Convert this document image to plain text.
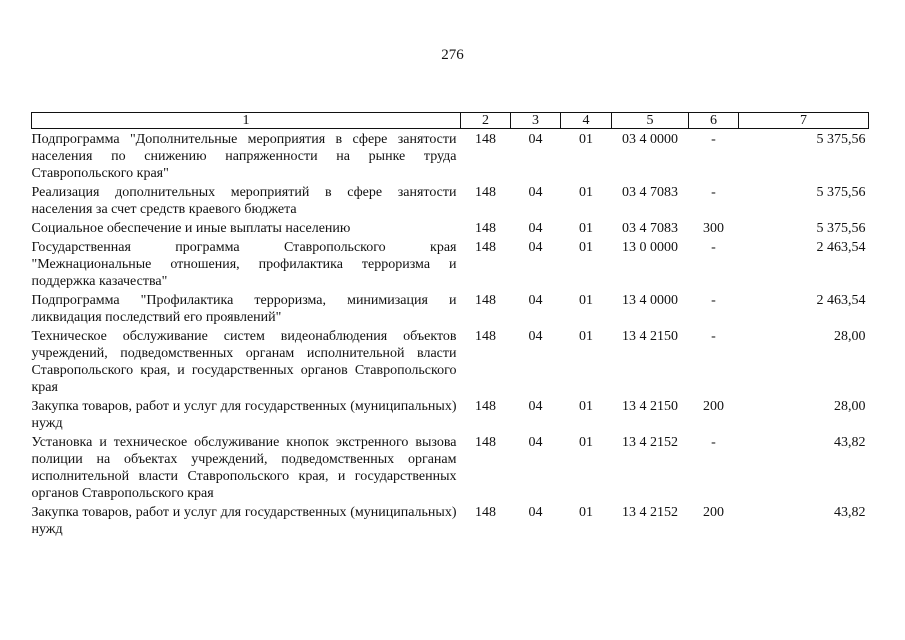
276
1	2	3	4	5	6	7
Подпрограмма "Дополнительные мероприятия в сфере занятости населения по снижению напряженности на рынке труда Ставропольского края"	148	04	01	03 4 0000	-	5 375,56
Реализация дополнительных мероприятий в сфере занятости населения за счет средств краевого бюджета	148	04	01	03 4 7083	-	5 375,56
Социальное обеспечение и иные выплаты населению	148	04	01	03 4 7083	300	5 375,56
Государственная программа Ставропольского края "Межнациональные отношения, профилактика терроризма и поддержка казачества"	148	04	01	13 0 0000	-	2 463,54
Подпрограмма "Профилактика терроризма, минимизация и ликвидация последствий его проявлений"	148	04	01	13 4 0000	-	2 463,54
Техническое обслуживание систем видеонаблюдения объектов учреждений, подведомственных органам исполнительной власти Ставропольского края, и государственных органов Ставропольского края	148	04	01	13 4 2150	-	28,00
Закупка товаров, работ и услуг для государственных (муниципальных) нужд	148	04	01	13 4 2150	200	28,00
Установка и техническое обслуживание кнопок экстренного вызова полиции на объектах учреждений, подведомственных органам исполнительной власти Ставропольского края, и государственных органов Ставропольского края	148	04	01	13 4 2152	-	43,82
Закупка товаров, работ и услуг для государственных (муниципальных) нужд	148	04	01	13 4 2152	200	43,82
